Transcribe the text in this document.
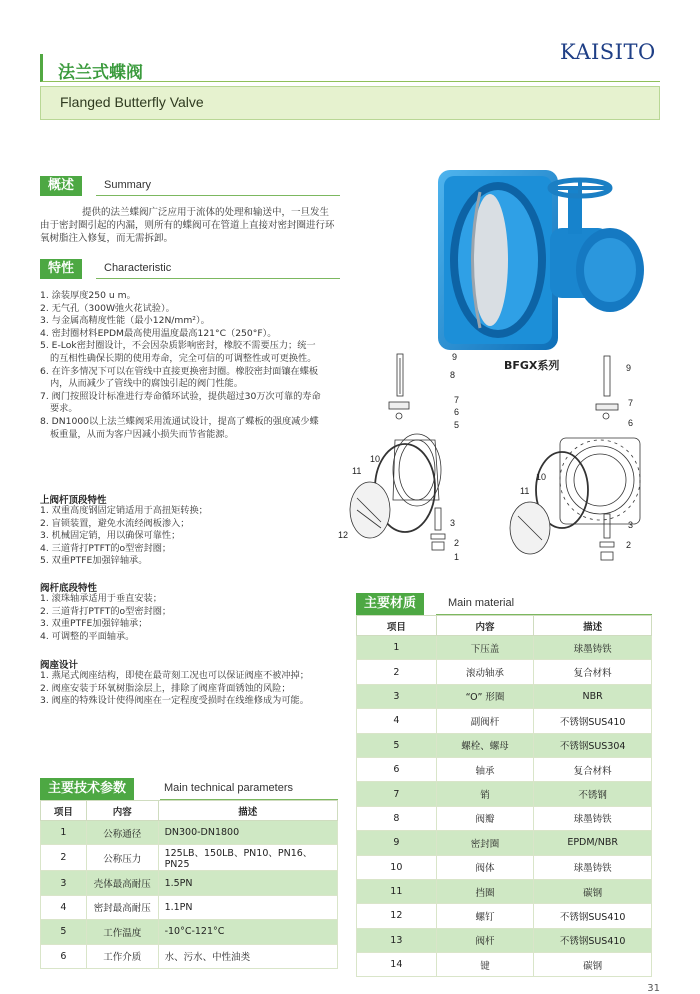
KAISITO
法兰式蝶阀
Flanged Butterfly Valve
概述	Summary
提供的法兰蝶阀广泛应用于流体的处理和输送中，一旦发生由于密封圈引起的内漏，则所有的蝶阀可在管道上直接对密封圈进行环氧树脂注入修复，而无需拆卸。
特性	Characteristic
1. 涂装厚度250 u m。
2. 无气孔（300W弛火花试验）。
3. 与金属高精度性能（最小12N/mm²）。
4. 密封圈材料EPDM最高使用温度最高121°C（250°F）。
5. E-Lok密封圈设计，不会因杂质影响密封，橡胶不需要压力；统一
的互相性确保长期的使用寿命，完全可信的可调整性或可更换性。
6. 在许多情况下可以在管线中直接更换密封圈。橡胶密封面镶在蝶板
内，从而减少了管线中的腐蚀引起的阀门性能。
7. 阀门按照设计标准进行寿命循环试验，提供超过30万次可靠的寿命
要求。
8. DN1000以上法兰蝶阀采用流通试设计，提高了蝶板的强度减少蝶
板重量，从而为客户因减小损失而节省能源。
上阀杆顶段特性
1. 双重高度钢固定销适用于高扭矩转换；
2. 盲锁装置，避免水流经阀板渗入；
3. 机械固定销，用以确保可靠性；
4. 三道背打PTFT的o型密封圈；
5. 双重PTFE加强锌轴承。
阀杆底段特性
1. 滚珠轴承适用于垂直安装；
2. 三道背打PTFT的o型密封圈；
3. 双重PTFE加强锌轴承；
4. 可调整的平面轴承。
阀座设计
1. 燕尾式阀座结构，即使在最苛刻工况也可以保证阀座不被冲掉；
2. 阀座安装于环氧树脂涂层上，排除了阀座背面锈蚀的风险；
3. 阀座的特殊设计使得阀座在一定程度受损时在线维修成为可能。
BFGX系列
9
8
7
6
5
3
2
1
10
11
12
9
7
6
3
2
10
11
主要材质	Main material
项目	内容	描述
1	下压盖	球墨铸铁
2	滚动轴承	复合材料
3	“O” 形圈	NBR
4	副阀杆	不锈钢SUS410
5	螺栓、螺母	不锈钢SUS304
6	轴承	复合材料
7	销	不锈钢
8	阀瓣	球墨铸铁
9	密封圈	EPDM/NBR
10	阀体	球墨铸铁
11	挡圈	碳钢
12	螺钉	不锈钢SUS410
13	阀杆	不锈钢SUS410
14	键	碳钢
主要技术参数	Main technical parameters
项目	内容	描述
1	公称通径	DN300-DN1800
2	公称压力	125LB、150LB、PN10、PN16、PN25
3	壳体最高耐压	1.5PN
4	密封最高耐压	1.1PN
5	工作温度	-10°C-121°C
6	工作介质	水、污水、中性油类
31
